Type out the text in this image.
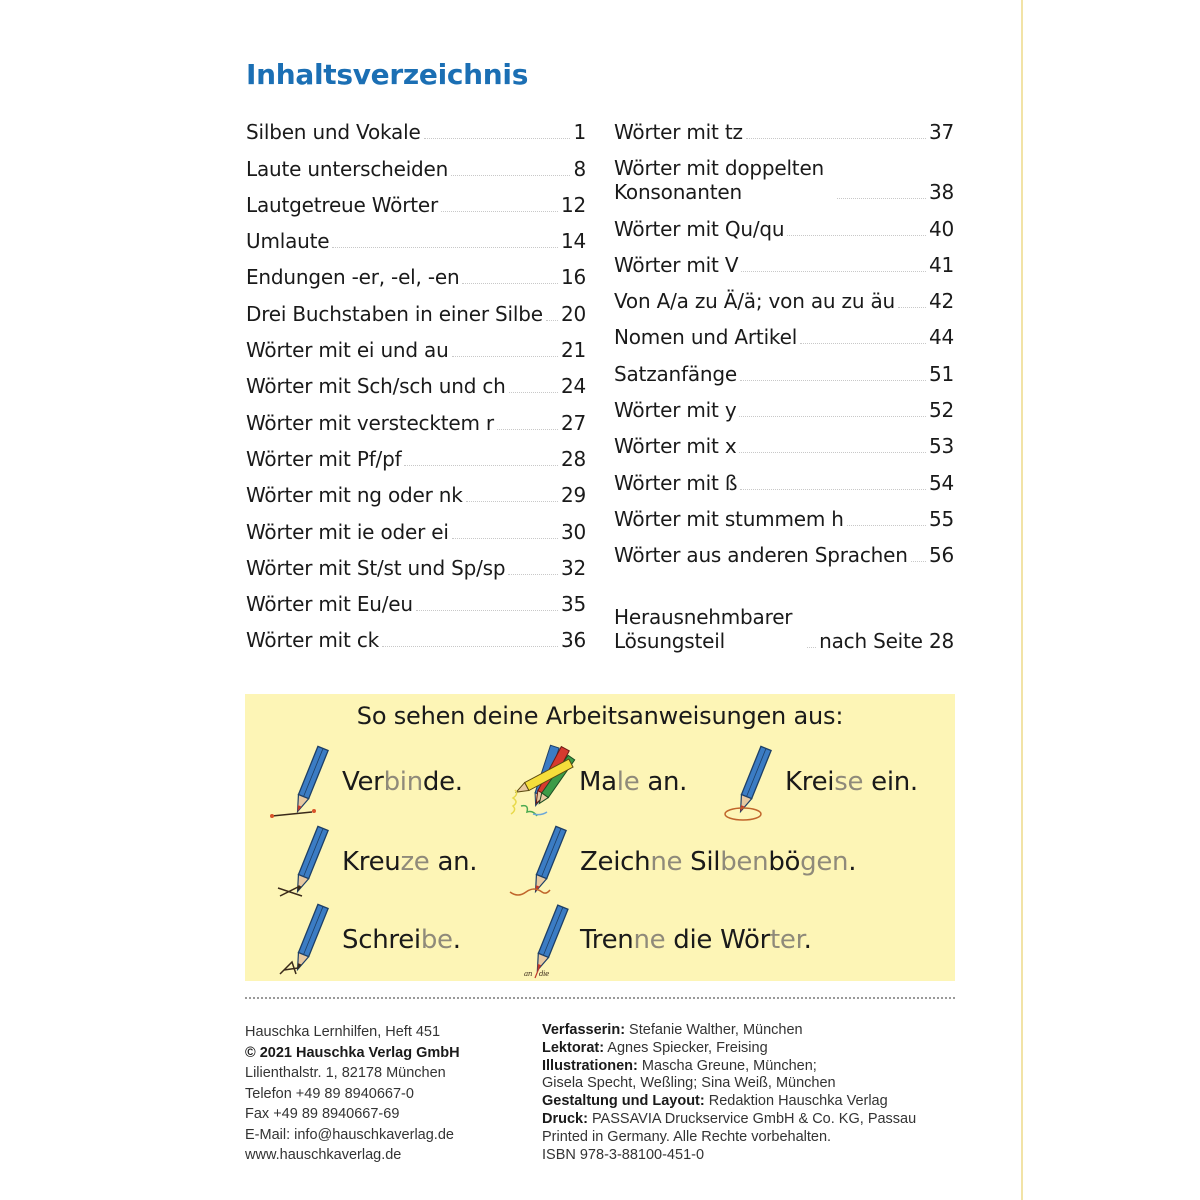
Inhaltsverzeichnis
Silben und Vokale	1
Laute unterscheiden	8
Lautgetreue Wörter	12
Umlaute	14
Endungen -er, -el, -en	16
Drei Buchstaben in einer Silbe 20
Wörter mit ei und au	21
Wörter mit Sch/sch und ch	24
Wörter mit verstecktem r	27
Wörter mit Pf/pf	28
Wörter mit ng oder nk	29
Wörter mit ie oder ei	30
Wörter mit St/st und Sp/sp	32
Wörter mit Eu/eu	35
Wörter mit ck	36
Wörter mit tz	37
Wörter mit doppelten Konsonanten	38
Wörter mit Qu/qu	40
Wörter mit V	41
Von A/a zu Ä/ä; von au zu äu 42
Nomen und Artikel	44
Satzanfänge	51
Wörter mit y	52
Wörter mit x	53
Wörter mit ß	54
Wörter mit stummem h	55
Wörter aus anderen Sprachen 56
Herausnehmbarer Lösungsteil	nach Seite 28
So sehen deine Arbeitsanweisungen aus:
Verbinde.	Male an.	Kreise ein.
Kreuze an.	Zeichne Silbenbögen.
Schreibe.
an die
Trenne die Wörter.
Hauschka Lernhilfen, Heft 451
© 2021 Hauschka Verlag GmbH
Lilienthalstr. 1, 82178 München
Telefon +49 89 8940667-0
Fax +49 89 8940667-69
E-Mail: info@hauschkaverlag.de
www.hauschkaverlag.de
Verfasserin: Stefanie Walther, München
Lektorat: Agnes Spiecker, Freising
Illustrationen: Mascha Greune, München;
Gisela Specht, Weßling; Sina Weiß, München
Gestaltung und Layout: Redaktion Hauschka Verlag
Druck: PASSAVIA Druckservice GmbH & Co. KG, Passau
Printed in Germany. Alle Rechte vorbehalten.
ISBN 978-3-88100-451-0
